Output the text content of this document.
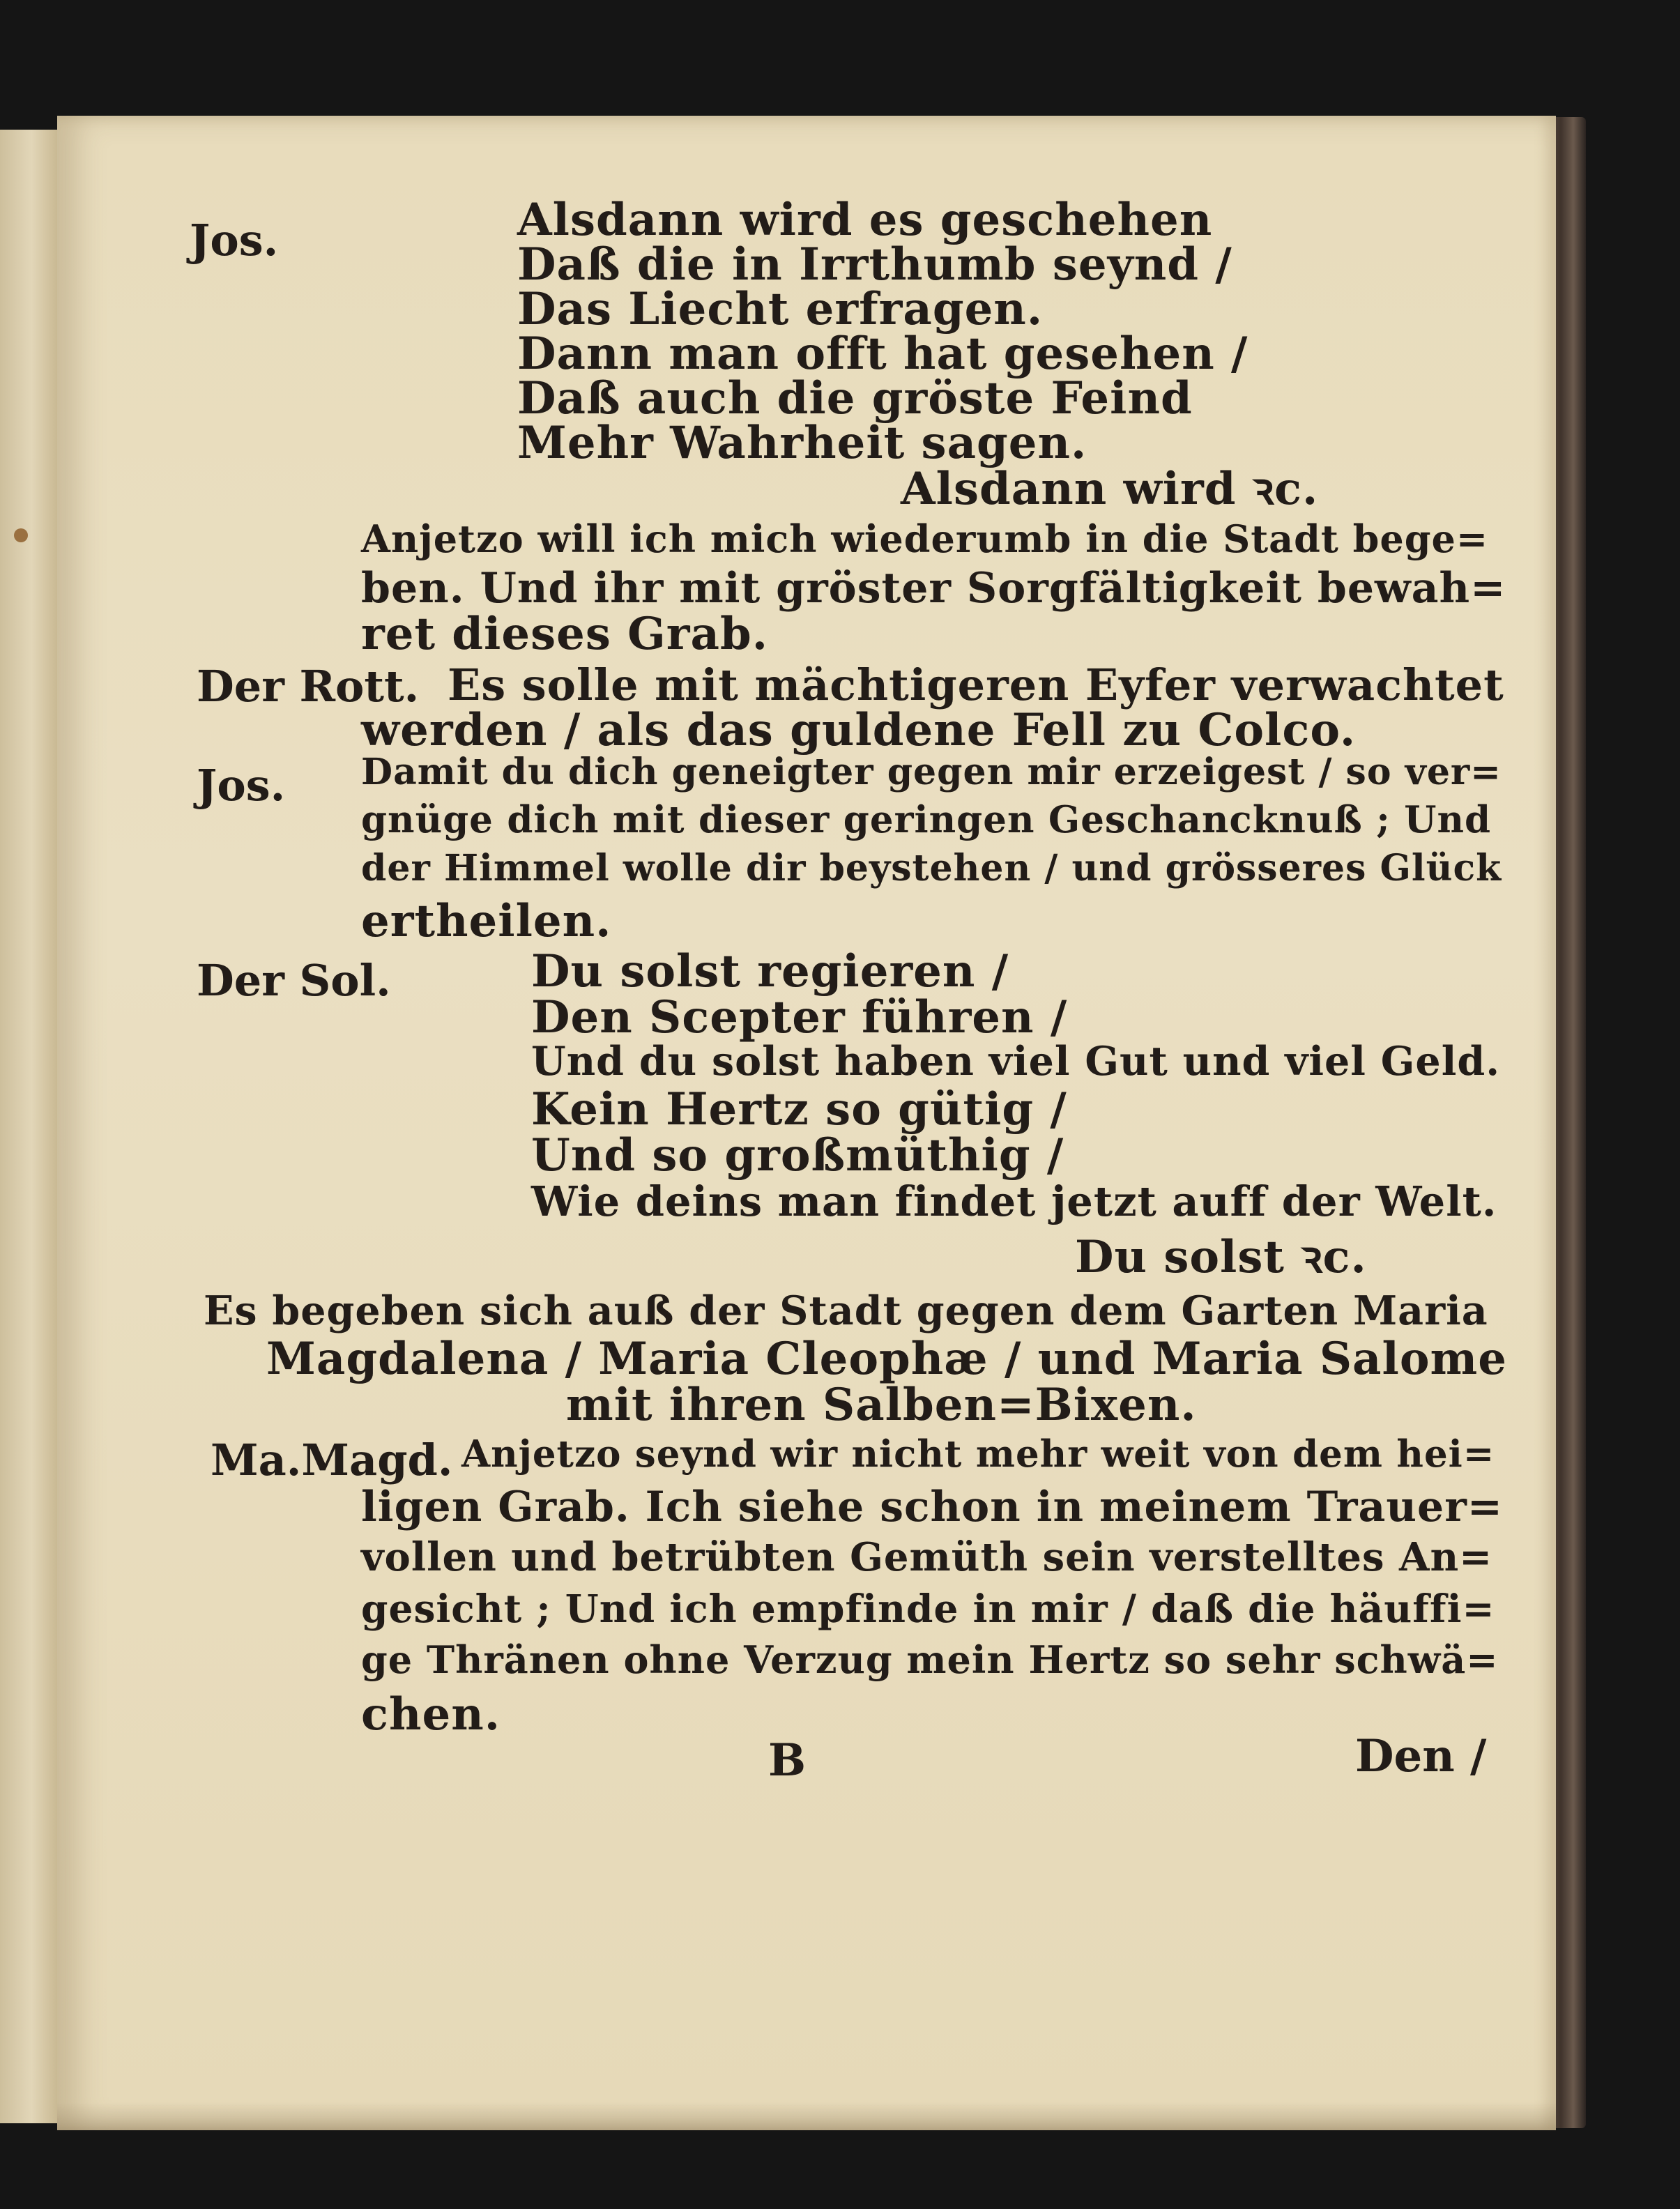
Jos.	Alsdann wird es geschehen
Daß die in Irrthumb seynd /
Das Liecht erfragen.
Dann man offt hat gesehen /
Daß auch die gröste Feind
Mehr Wahrheit sagen.
Alsdann wird ꝛc.
Anjetzo will ich mich wiederumb in die Stadt bege=
ben. Und ihr mit gröster Sorgfältigkeit bewah=
ret dieses Grab.
Der Rott. Es solle mit mächtigeren Eyfer verwachtet
werden / als das guldene Fell zu Colco.
Jos. Damit du dich geneigter gegen mir erzeigest / so ver=
gnüge dich mit dieser geringen Geschancknuß ; Und
der Himmel wolle dir beystehen / und grösseres Glück
ertheilen.
Der Sol.	Du solst regieren /
Den Scepter führen /
Und du solst haben viel Gut und viel Geld.
Kein Hertz so gütig /
Und so großmüthig /
Wie deins man findet jetzt auff der Welt.
Du solst ꝛc.
Es begeben sich auß der Stadt gegen dem Garten Maria
Magdalena / Maria Cleophæ / und Maria Salome
mit ihren Salben=Bixen.
Ma.Magd. Anjetzo seynd wir nicht mehr weit von dem hei=
ligen Grab. Ich siehe schon in meinem Trauer=
vollen und betrübten Gemüth sein verstelltes An=
gesicht ; Und ich empfinde in mir / daß die häuffi=
ge Thränen ohne Verzug mein Hertz so sehr schwä=
chen.
B	Den /
